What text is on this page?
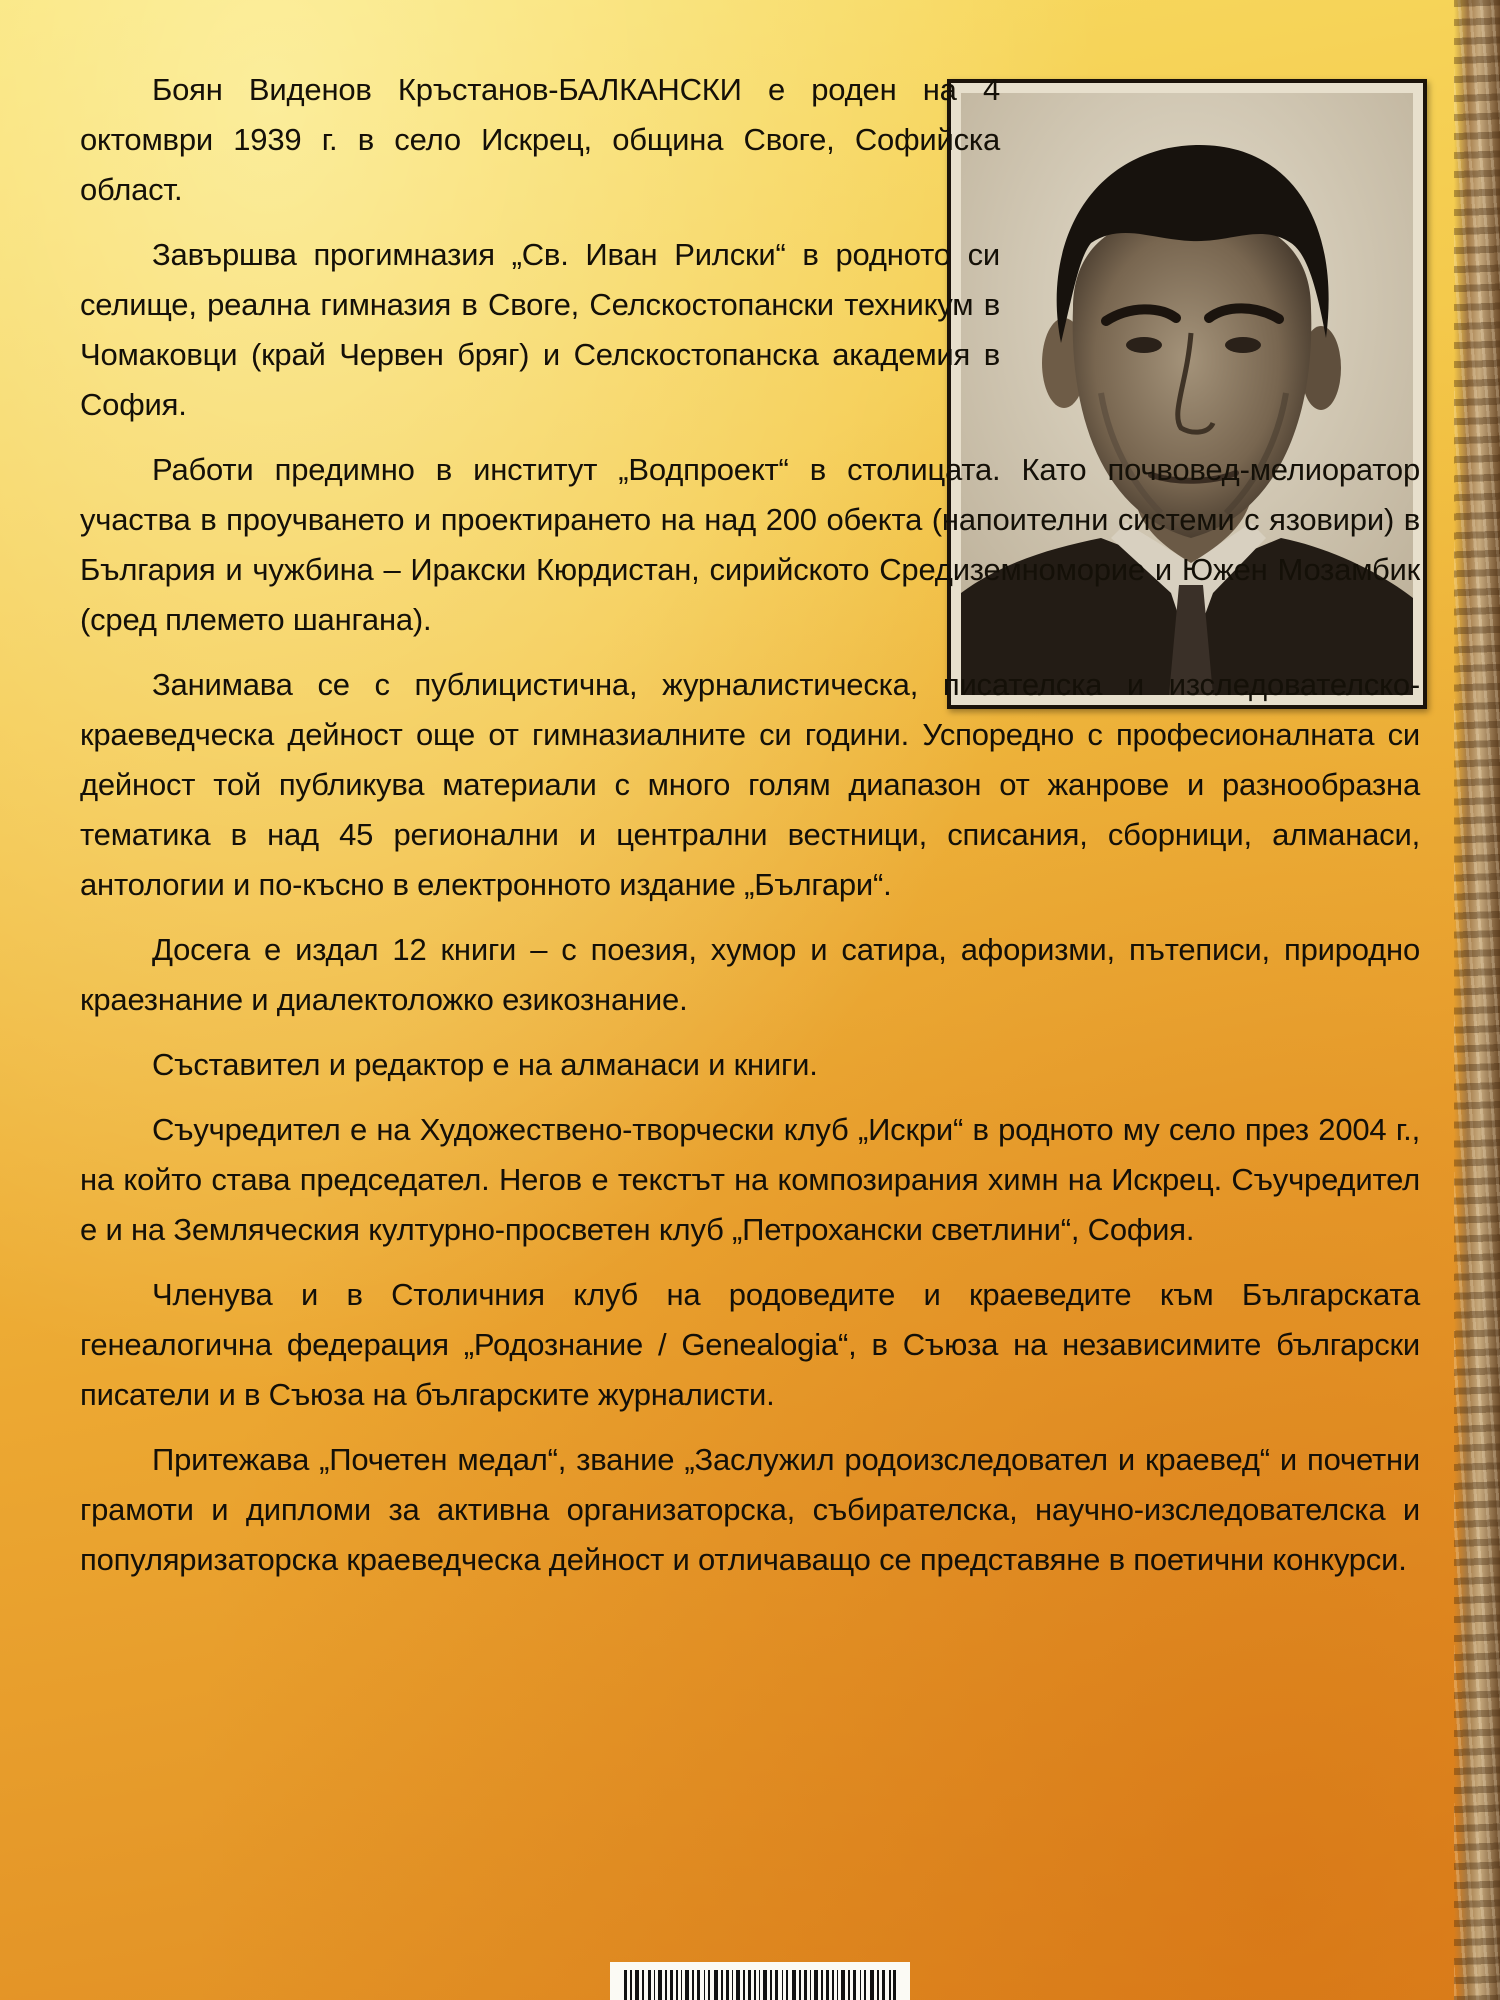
Боян Виденов Кръстанов-БАЛКАНСКИ е роден на 4 октомври 1939 г. в село Искрец, община Своге, Софийска област.

Завършва прогимназия „Св. Иван Рилски“ в родното си селище, реална гимназия в Своге, Селскостопански техникум в Чомаковци (край Червен бряг) и Селскостопанска академия в София.

Работи предимно в институт „Водпроект“ в столицата. Като почвовед-мелиоратор участва в проучването и проектирането на над 200 обекта (напоителни системи с язовири) в България и чужбина – Иракски Кюрдистан, сирийското Средиземноморие и Южен Мозамбик (сред племето шангана).

Занимава се с публицистична, журналистическа, писателска и изследователско-краеведческа дейност още от гимназиалните си години. Успоредно с професионалната си дейност той публикува материали с много голям диапазон от жанрове и разнообразна тематика в над 45 регионални и централни вестници, списания, сборници, алманаси, антологии и по-късно в електронното издание „Българи“.

Досега е издал 12 книги – с поезия, хумор и сатира, афоризми, пътеписи, природно краезнание и диалектоложко езикознание.

Съставител и редактор е на алманаси и книги.

Съучредител е на Художествено-творчески клуб „Искри“ в родното му село през 2004 г., на който става председател. Негов е текстът на композирания химн на Искрец. Съучредител е и на Земляческия културно-просветен клуб „Петрохански светлини“, София.

Членува и в Столичния клуб на родоведите и краеведите към Българската генеалогична федерация „Родознание / Genealogia“, в Съюза на независимите български писатели и в Съюза на българските журналисти.

Притежава „Почетен медал“, звание „Заслужил родоизследовател и краевед“ и почетни грамоти и дипломи за активна организаторска, събирателска, научно-изследователска и популяризаторска краеведческа дейност и отличаващо се представяне в поетични конкурси.
